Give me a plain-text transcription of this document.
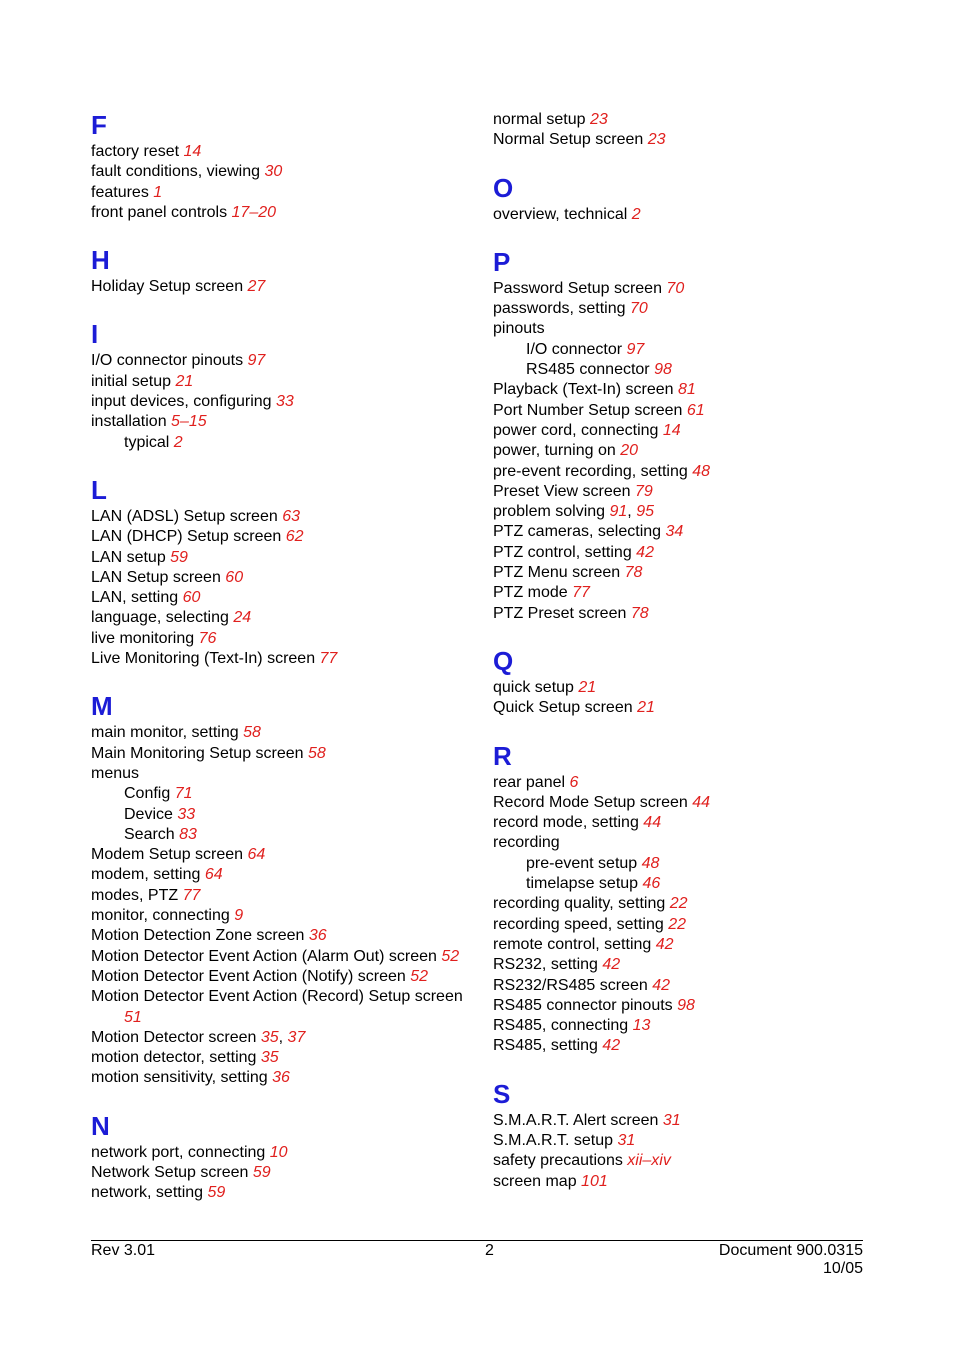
F
factory reset 14
fault conditions, viewing 30
features 1
front panel controls 17–20
H
Holiday Setup screen 27
I
I/O connector pinouts 97
initial setup 21
input devices, configuring 33
installation 5–15
typical 2
L
LAN (ADSL) Setup screen 63
LAN (DHCP) Setup screen 62
LAN setup 59
LAN Setup screen 60
LAN, setting 60
language, selecting 24
live monitoring 76
Live Monitoring (Text-In) screen 77
M
main monitor, setting 58
Main Monitoring Setup screen 58
menus
Config 71
Device 33
Search 83
Modem Setup screen 64
modem, setting 64
modes, PTZ 77
monitor, connecting 9
Motion Detection Zone screen 36
Motion Detector Event Action (Alarm Out) screen 52
Motion Detector Event Action (Notify) screen 52
Motion Detector Event Action (Record) Setup screen 51
Motion Detector screen 35, 37
motion detector, setting 35
motion sensitivity, setting 36
N
network port, connecting 10
Network Setup screen 59
network, setting 59
normal setup 23
Normal Setup screen 23
O
overview, technical 2
P
Password Setup screen 70
passwords, setting 70
pinouts
I/O connector 97
RS485 connector 98
Playback (Text-In) screen 81
Port Number Setup screen 61
power cord, connecting 14
power, turning on 20
pre-event recording, setting 48
Preset View screen 79
problem solving 91, 95
PTZ cameras, selecting 34
PTZ control, setting 42
PTZ Menu screen 78
PTZ mode 77
PTZ Preset screen 78
Q
quick setup 21
Quick Setup screen 21
R
rear panel 6
Record Mode Setup screen 44
record mode, setting 44
recording
pre-event setup 48
timelapse setup 46
recording quality, setting 22
recording speed, setting 22
remote control, setting 42
RS232, setting 42
RS232/RS485 screen 42
RS485 connector pinouts 98
RS485, connecting 13
RS485, setting 42
S
S.M.A.R.T. Alert screen 31
S.M.A.R.T. setup 31
safety precautions xii–xiv
screen map 101
Rev 3.01	2	Document 900.0315
10/05
